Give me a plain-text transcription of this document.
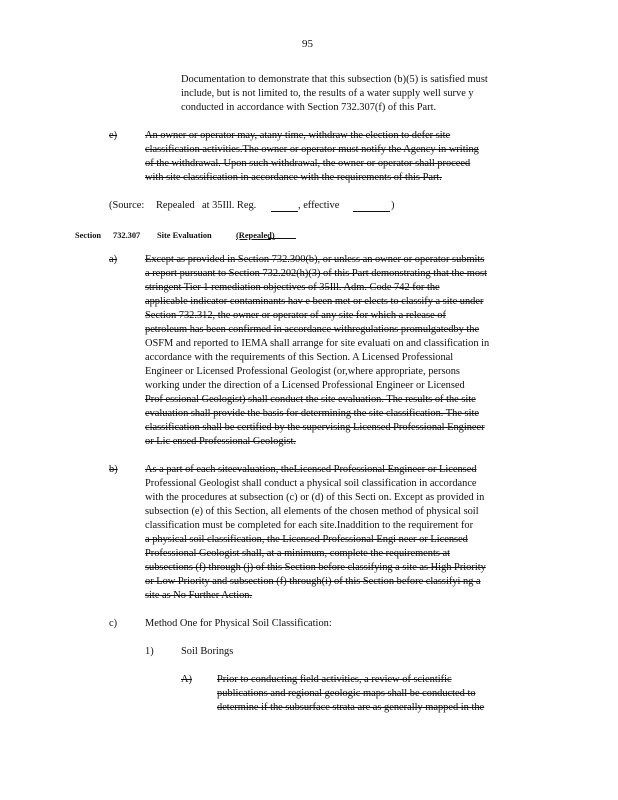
95
Documentation to demonstrate that this subsection (b)(5) is satisfied must
include, but is not limited to, the results of a water supply well surve y
conducted in accordance with Section 732.307(f) of this Part.
e)	An owner or operator may, atany time, withdraw the election to defer site
classification activities.The owner or operator must notify the Agency in writing
of the withdrawal. Upon such withdrawal, the owner or operator shall proceed
with site classification in accordance with the requirements of this Part.
(Source: Repealed at 35Ill. Reg.	, effective	)
Section 732.307 Site Evaluation	(Repealed)
a)	Except as provided in Section 732.300(b), or unless an owner or operator submits
a report pursuant to Section 732.202(h)(3) of this Part demonstrating that the most
stringent Tier 1 remediation objectives of 35Ill. Adm. Code 742 for the
applicable indicator contaminants hav e been met or elects to classify a site under
Section 732.312, the owner or operator of any site for which a release of
petroleum has been confirmed in accordance withregulations promulgatedby the
OSFM and reported to IEMA shall arrange for site evaluati on and classification in
accordance with the requirements of this Section. A Licensed Professional
Engineer or Licensed Professional Geologist (or,where appropriate, persons
working under the direction of a Licensed Professional Engineer or Licensed
Prof essional Geologist) shall conduct the site evaluation. The results of the site
evaluation shall provide the basis for determining the site classification. The site
classification shall be certified by the supervising Licensed Professional Engineer
or Lic ensed Professional Geologist.
b)	As a part of each siteevaluation, theLicensed Professional Engineer or Licensed
Professional Geologist shall conduct a physical soil classification in accordance
with the procedures at subsection (c) or (d) of this Secti on. Except as provided in
subsection (e) of this Section, all elements of the chosen method of physical soil
classification must be completed for each site.Inaddition to the requirement for
a physical soil classification, the Licensed Professional Engi neer or Licensed
Professional Geologist shall, at a minimum, complete the requirements at
subsections (f) through (j) of this Section before classifying a site as High Priority
or Low Priority and subsection (f) through(i) of this Section before classifyi ng a
site as No Further Action.
c)	Method One for Physical Soil Classification:
1)	Soil Borings
A) Prior to conducting field activities, a review of scientific
publications and regional geologic maps shall be conducted to
determine if the subsurface strata are as generally mapped in the
